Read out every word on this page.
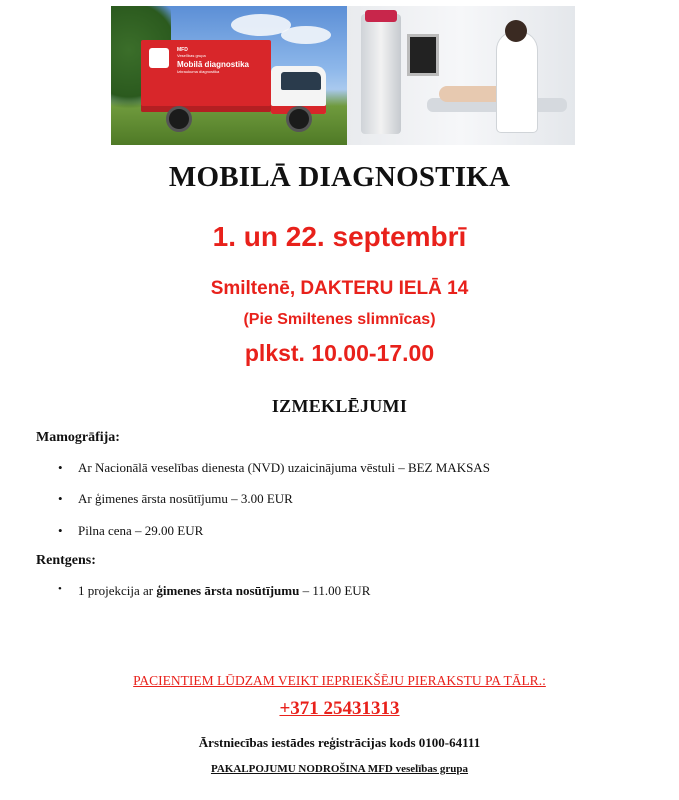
MFD
Veselības grupa
Mobilā diagnostika
Izbraukuma diagnostika
MOBILĀ DIAGNOSTIKA
1. un 22. septembrī
Smiltenē, DAKTERU IELĀ 14
(Pie Smiltenes slimnīcas)
plkst. 10.00-17.00
IZMEKLĒJUMI
Mamogrāfija:
• Ar Nacionālā veselības dienesta (NVD) uzaicinājuma vēstuli – BEZ MAKSAS
• Ar ģimenes ārsta nosūtījumu – 3.00 EUR
• Pilna cena – 29.00 EUR
Rentgens:
• 1 projekcija ar ģimenes ārsta nosūtījumu – 11.00 EUR
PACIENTIEM LŪDZAM VEIKT IEPRIEKŠĒJU PIERAKSTU PA TĀLR.:
+371 25431313
Ārstniecības iestādes reģistrācijas kods 0100-64111
PAKALPOJUMU NODROŠINA MFD veselības grupa
